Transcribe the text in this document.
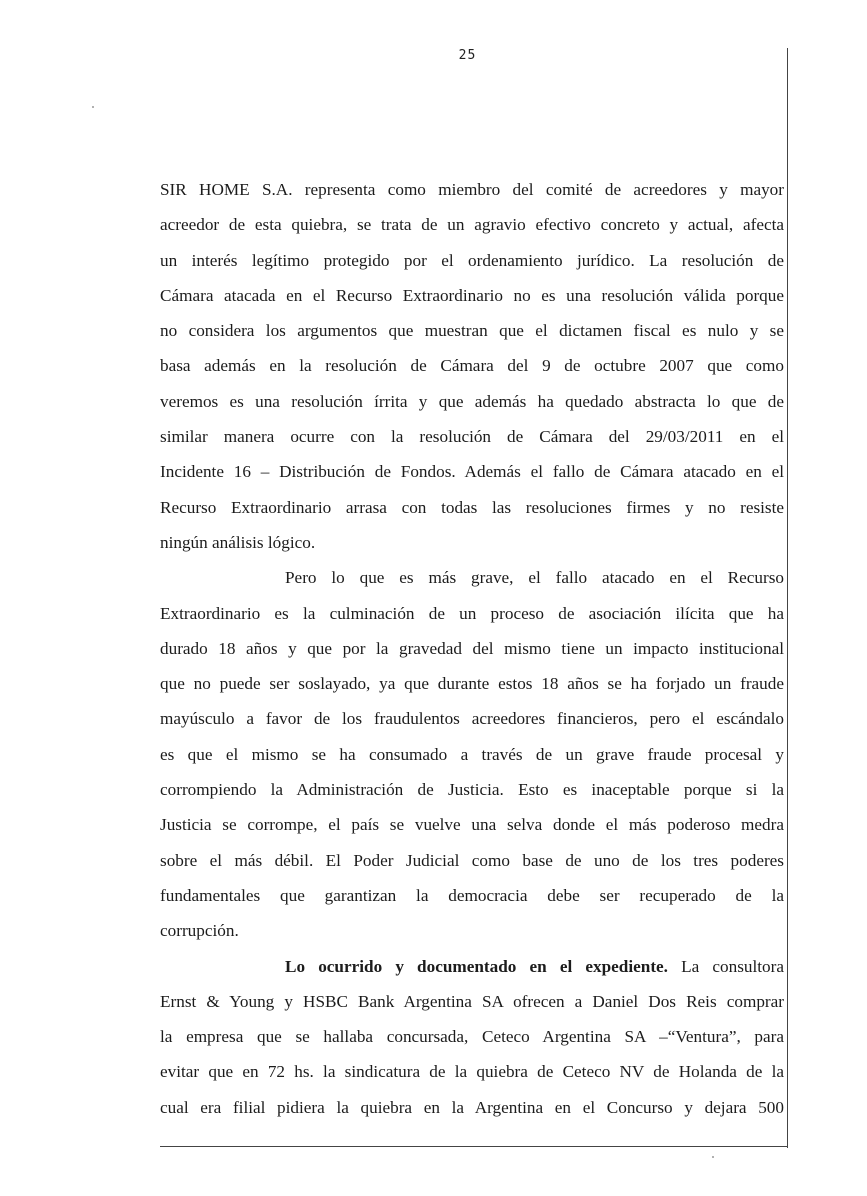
25
SIR HOME S.A. representa como miembro del comité de acreedores y mayor
acreedor de esta quiebra, se trata de un agravio efectivo concreto y actual, afecta
un interés legítimo protegido por el ordenamiento jurídico. La resolución de
Cámara atacada en el Recurso Extraordinario no es una resolución válida porque
no considera los argumentos que muestran que el dictamen fiscal es nulo y se
basa además en la resolución de Cámara del 9 de octubre 2007 que como
veremos es una resolución írrita y que además ha quedado abstracta lo que de
similar manera ocurre con la resolución de Cámara del 29/03/2011 en el
Incidente 16 – Distribución de Fondos. Además el fallo de Cámara atacado en el
Recurso Extraordinario arrasa con todas las resoluciones firmes y no resiste
ningún análisis lógico.
Pero lo que es más grave, el fallo atacado en el Recurso
Extraordinario es la culminación de un proceso de asociación ilícita que ha
durado 18 años y que por la gravedad del mismo tiene un impacto institucional
que no puede ser soslayado, ya que durante estos 18 años se ha forjado un fraude
mayúsculo a favor de los fraudulentos acreedores financieros, pero el escándalo
es que el mismo se ha consumado a través de un grave fraude procesal y
corrompiendo la Administración de Justicia. Esto es inaceptable porque si la
Justicia se corrompe, el país se vuelve una selva donde el más poderoso medra
sobre el más débil. El Poder Judicial como base de uno de los tres poderes
fundamentales que garantizan la democracia debe ser recuperado de la
corrupción.
Lo ocurrido y documentado en el expediente. La consultora
Ernst & Young y HSBC Bank Argentina SA ofrecen a Daniel Dos Reis comprar
la empresa que se hallaba concursada, Ceteco Argentina SA –“Ventura”, para
evitar que en 72 hs. la sindicatura de la quiebra de Ceteco NV de Holanda de la
cual era filial pidiera la quiebra en la Argentina en el Concurso y dejara 500
